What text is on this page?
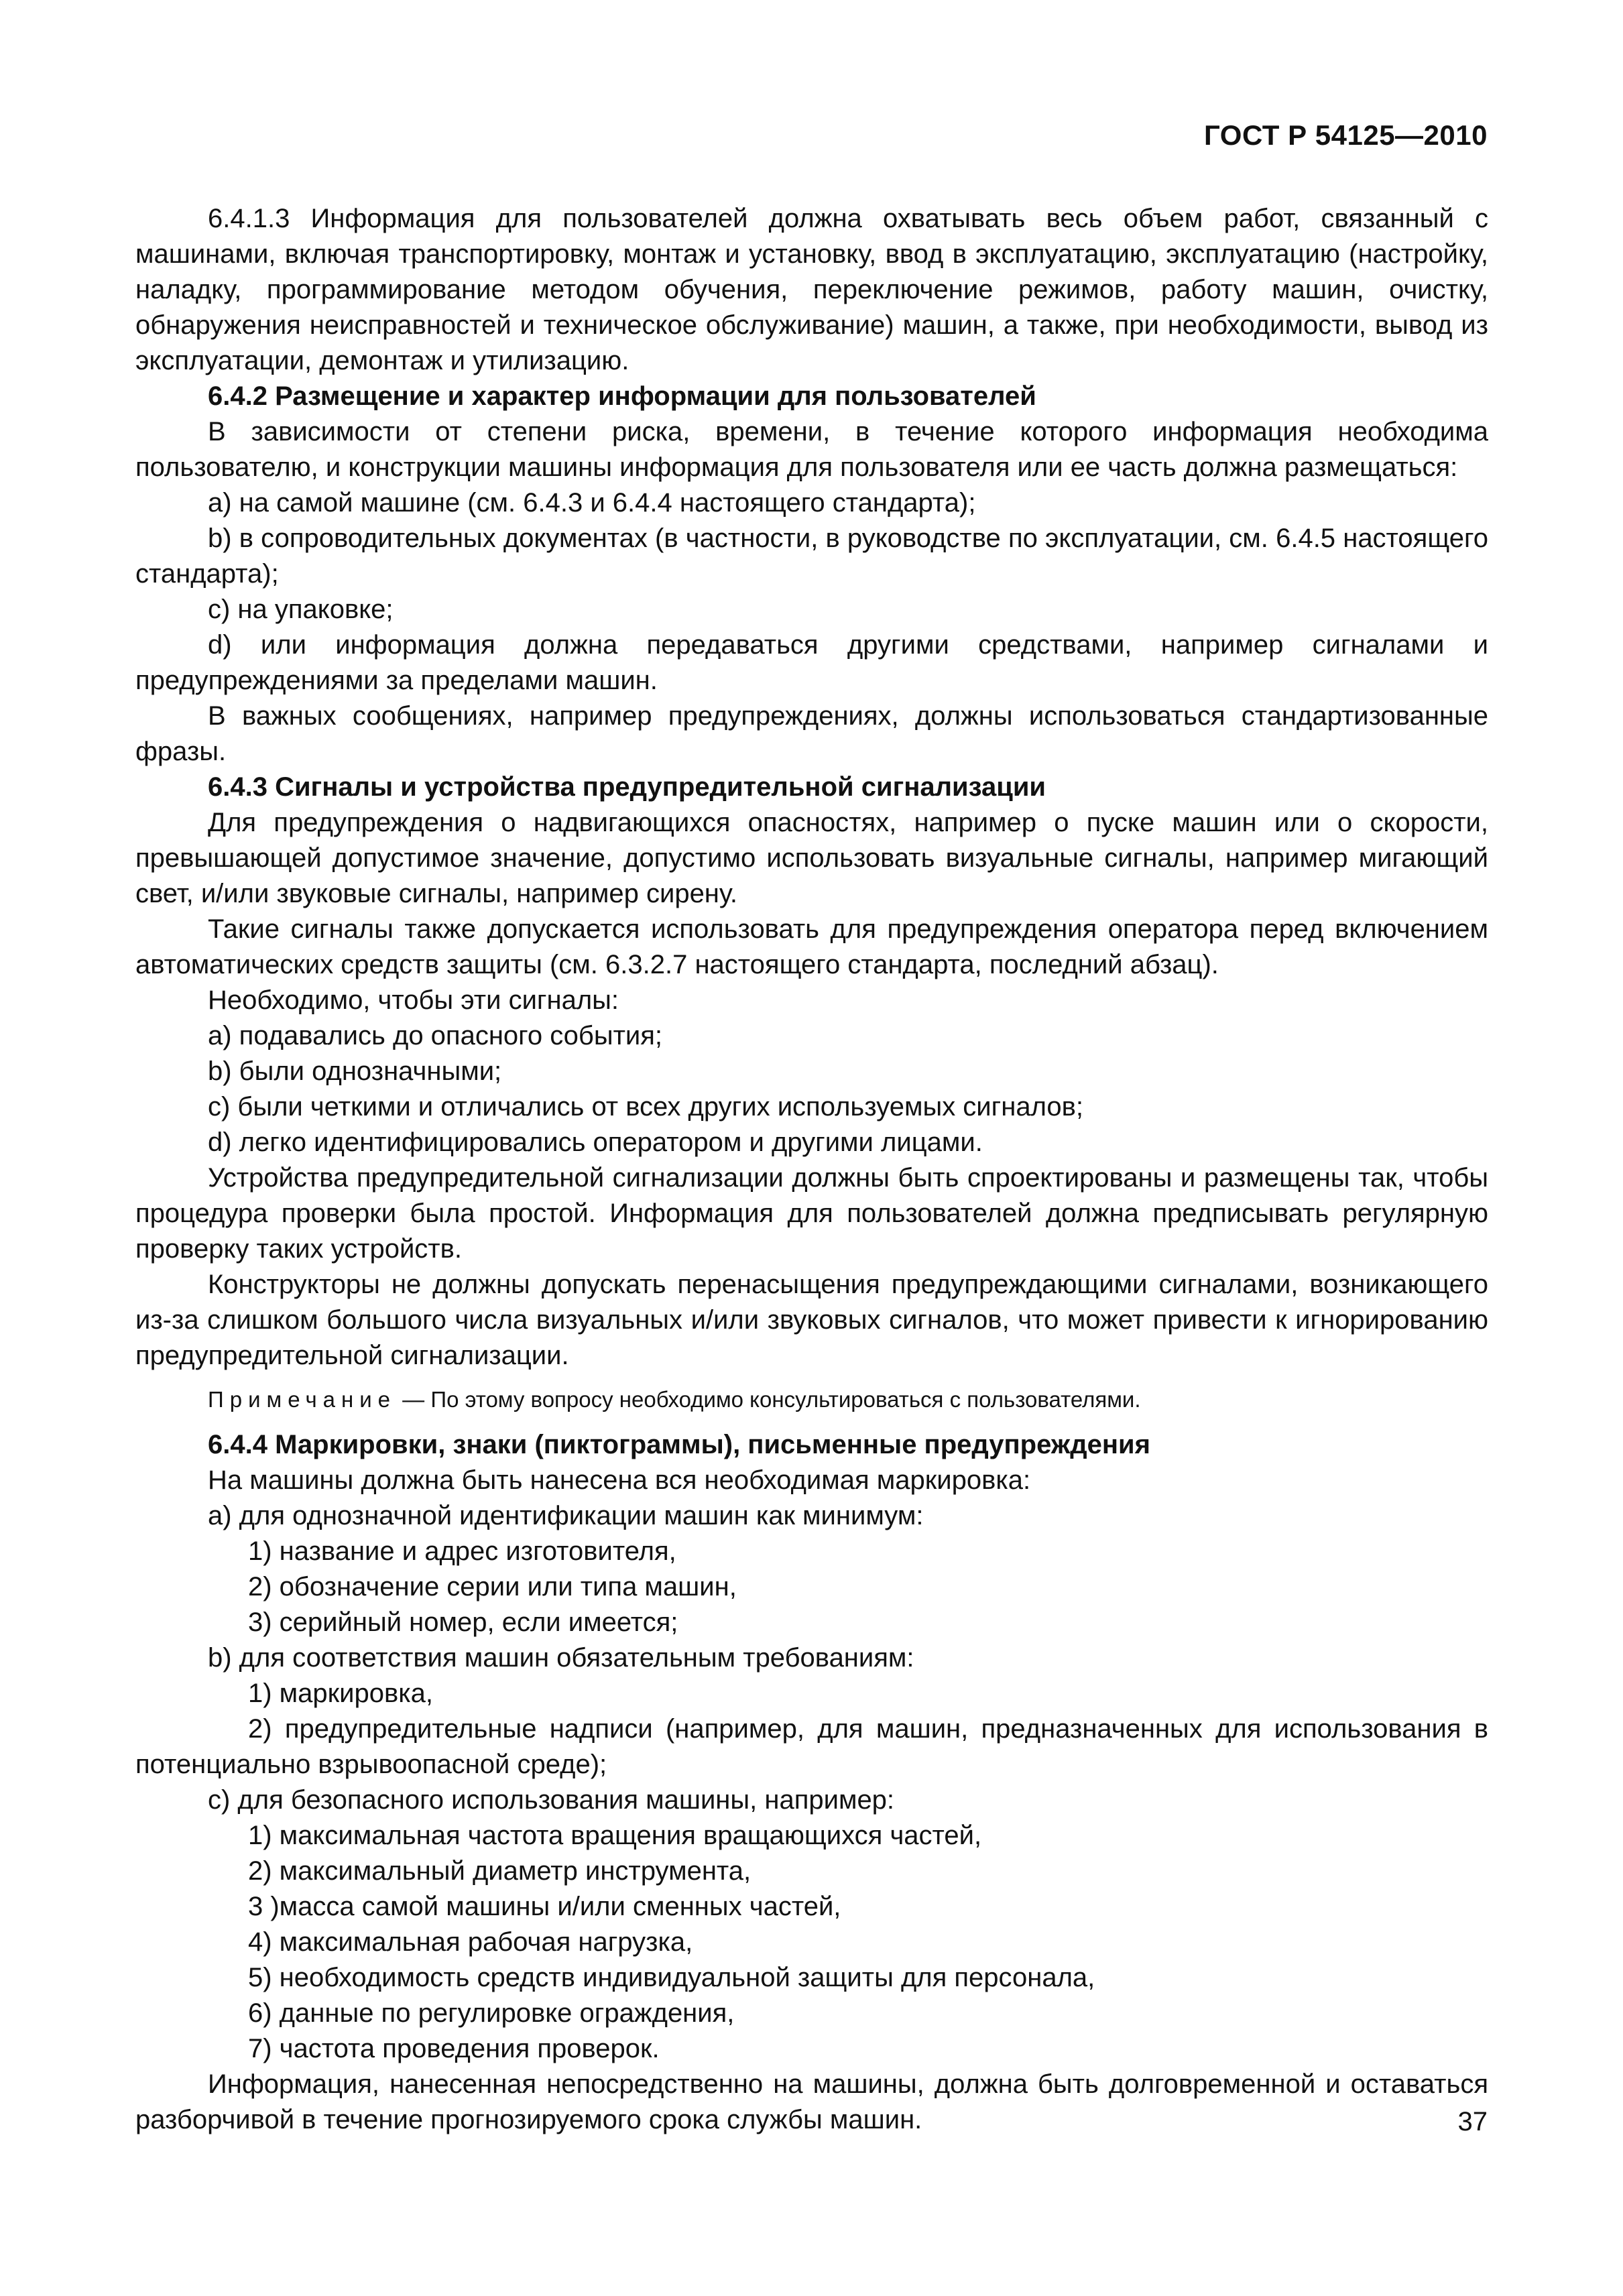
ГОСТ Р 54125—2010

6.4.1.3 Информация для пользователей должна охватывать весь объем работ, связанный с машинами, включая транспортировку, монтаж и установку, ввод в эксплуатацию, эксплуатацию (настройку, наладку, программирование методом обучения, переключение режимов, работу машин, очистку, обнаружения неисправностей и техническое обслуживание) машин, а также, при необходимости, вывод из эксплуатации, демонтаж и утилизацию.

6.4.2 Размещение и характер информации для пользователей

В зависимости от степени риска, времени, в течение которого информация необходима пользователю, и конструкции машины информация для пользователя или ее часть должна размещаться:

a) на самой машине (см. 6.4.3 и 6.4.4 настоящего стандарта);

b) в сопроводительных документах (в частности, в руководстве по эксплуатации, см. 6.4.5 настоящего стандарта);

c) на упаковке;

d) или информация должна передаваться другими средствами, например сигналами и предупреждениями за пределами машин.

В важных сообщениях, например предупреждениях, должны использоваться стандартизованные фразы.

6.4.3 Сигналы и устройства предупредительной сигнализации

Для предупреждения о надвигающихся опасностях, например о пуске машин или о скорости, превышающей допустимое значение, допустимо использовать визуальные сигналы, например мигающий свет, и/или звуковые сигналы, например сирену.

Такие сигналы также допускается использовать для предупреждения оператора перед включением автоматических средств защиты (см. 6.3.2.7 настоящего стандарта, последний абзац).

Необходимо, чтобы эти сигналы:

a) подавались до опасного события;

b) были однозначными;

c) были четкими и отличались от всех других используемых сигналов;

d) легко идентифицировались оператором и другими лицами.

Устройства предупредительной сигнализации должны быть спроектированы и размещены так, чтобы процедура проверки была простой. Информация для пользователей должна предписывать регулярную проверку таких устройств.

Конструкторы не должны допускать перенасыщения предупреждающими сигналами, возникающего из-за слишком большого числа визуальных и/или звуковых сигналов, что может привести к игнорированию предупредительной сигнализации.

Примечание — По этому вопросу необходимо консультироваться с пользователями.

6.4.4 Маркировки, знаки (пиктограммы), письменные предупреждения

На машины должна быть нанесена вся необходимая маркировка:

a) для однозначной идентификации машин как минимум:

1) название и адрес изготовителя,

2) обозначение серии или типа машин,

3) серийный номер, если имеется;

b) для соответствия машин обязательным требованиям:

1) маркировка,

2) предупредительные надписи (например, для машин, предназначенных для использования в потенциально взрывоопасной среде);

c) для безопасного использования машины, например:

1) максимальная частота вращения вращающихся частей,

2) максимальный диаметр инструмента,

3 )масса самой машины и/или сменных частей,

4) максимальная рабочая нагрузка,

5) необходимость средств индивидуальной защиты для персонала,

6) данные по регулировке ограждения,

7) частота проведения проверок.

Информация, нанесенная непосредственно на машины, должна быть долговременной и оставаться разборчивой в течение прогнозируемого срока службы машин.	37
